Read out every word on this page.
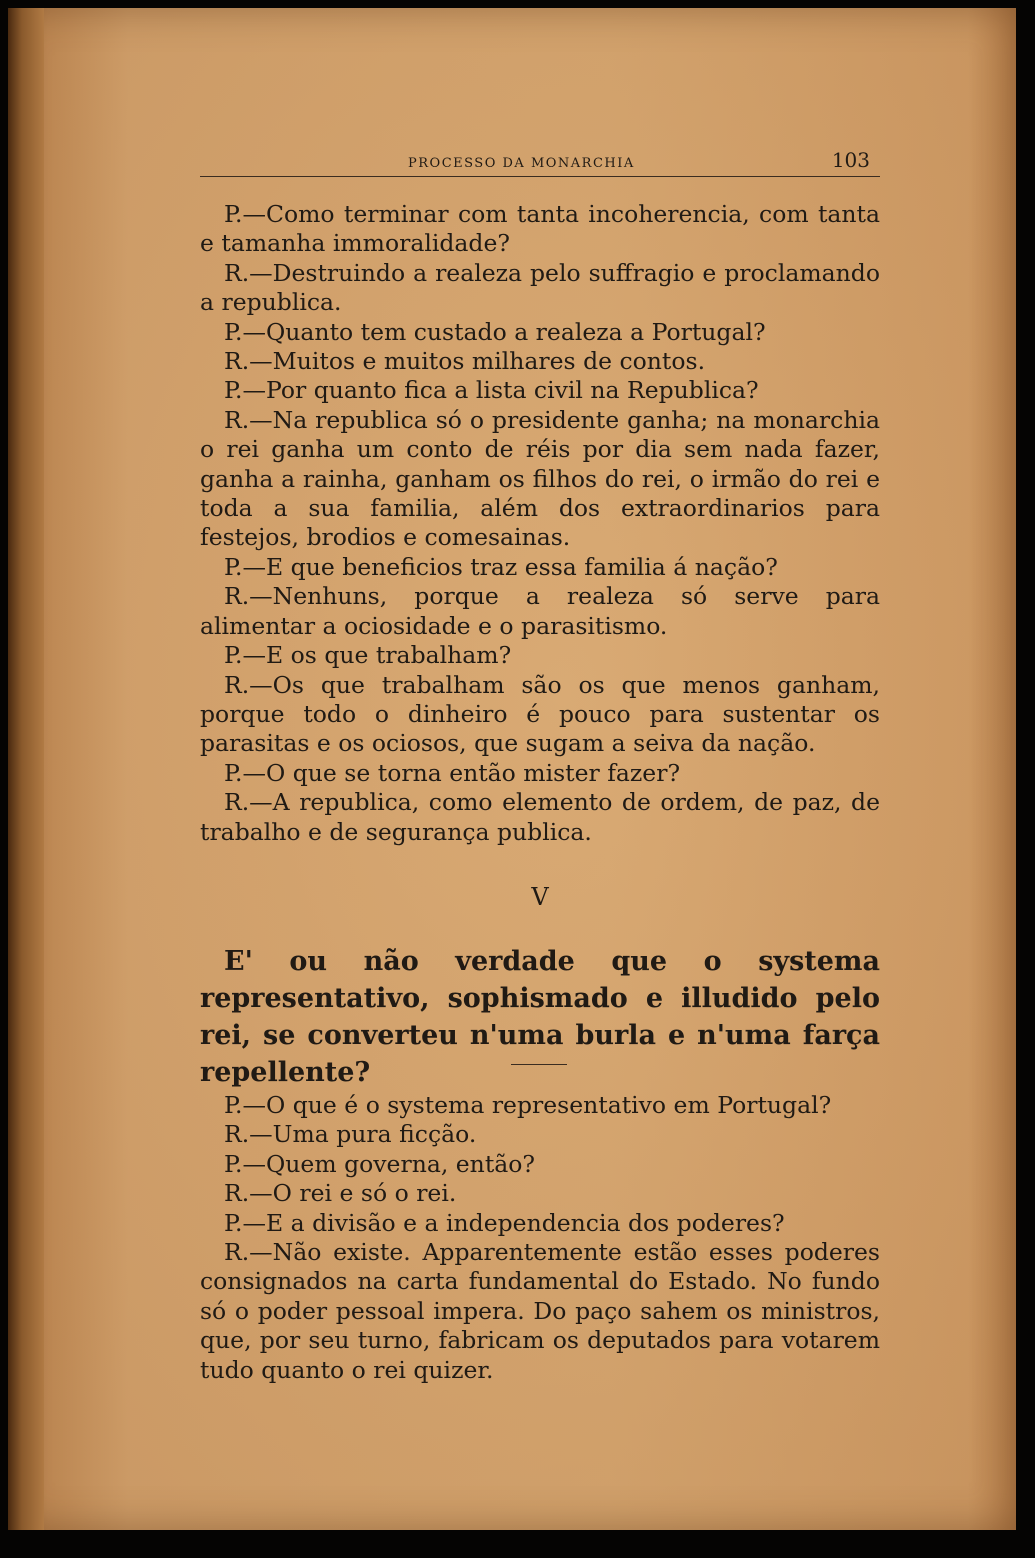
PROCESSO DA MONARCHIA	103

P.—Como terminar com tanta incoherencia, com tanta e tamanha immoralidade?

R.—Destruindo a realeza pelo suffragio e proclamando a republica.

P.—Quanto tem custado a realeza a Portugal?

R.—Muitos e muitos milhares de contos.

P.—Por quanto fica a lista civil na Republica?

R.—Na republica só o presidente ganha; na monarchia o rei ganha um conto de réis por dia sem nada fazer, ganha a rainha, ganham os filhos do rei, o irmão do rei e toda a sua familia, além dos extraordinarios para festejos, brodios e comesainas.

P.—E que beneficios traz essa familia á nação?

R.—Nenhuns, porque a realeza só serve para alimentar a ociosidade e o parasitismo.

P.—E os que trabalham?

R.—Os que trabalham são os que menos ganham, porque todo o dinheiro é pouco para sustentar os parasitas e os ociosos, que sugam a seiva da nação.

P.—O que se torna então mister fazer?

R.—A republica, como elemento de ordem, de paz, de trabalho e de segurança publica.

V

E' ou não verdade que o systema representativo, sophismado e illudido pelo rei, se converteu n'uma burla e n'uma farça repellente?

P.—O que é o systema representativo em Portugal?

R.—Uma pura ficção.

P.—Quem governa, então?

R.—O rei e só o rei.

P.—E a divisão e a independencia dos poderes?

R.—Não existe. Apparentemente estão esses poderes consignados na carta fundamental do Estado. No fundo só o poder pessoal impera. Do paço sahem os ministros, que, por seu turno, fabricam os deputados para votarem tudo quanto o rei quizer.
